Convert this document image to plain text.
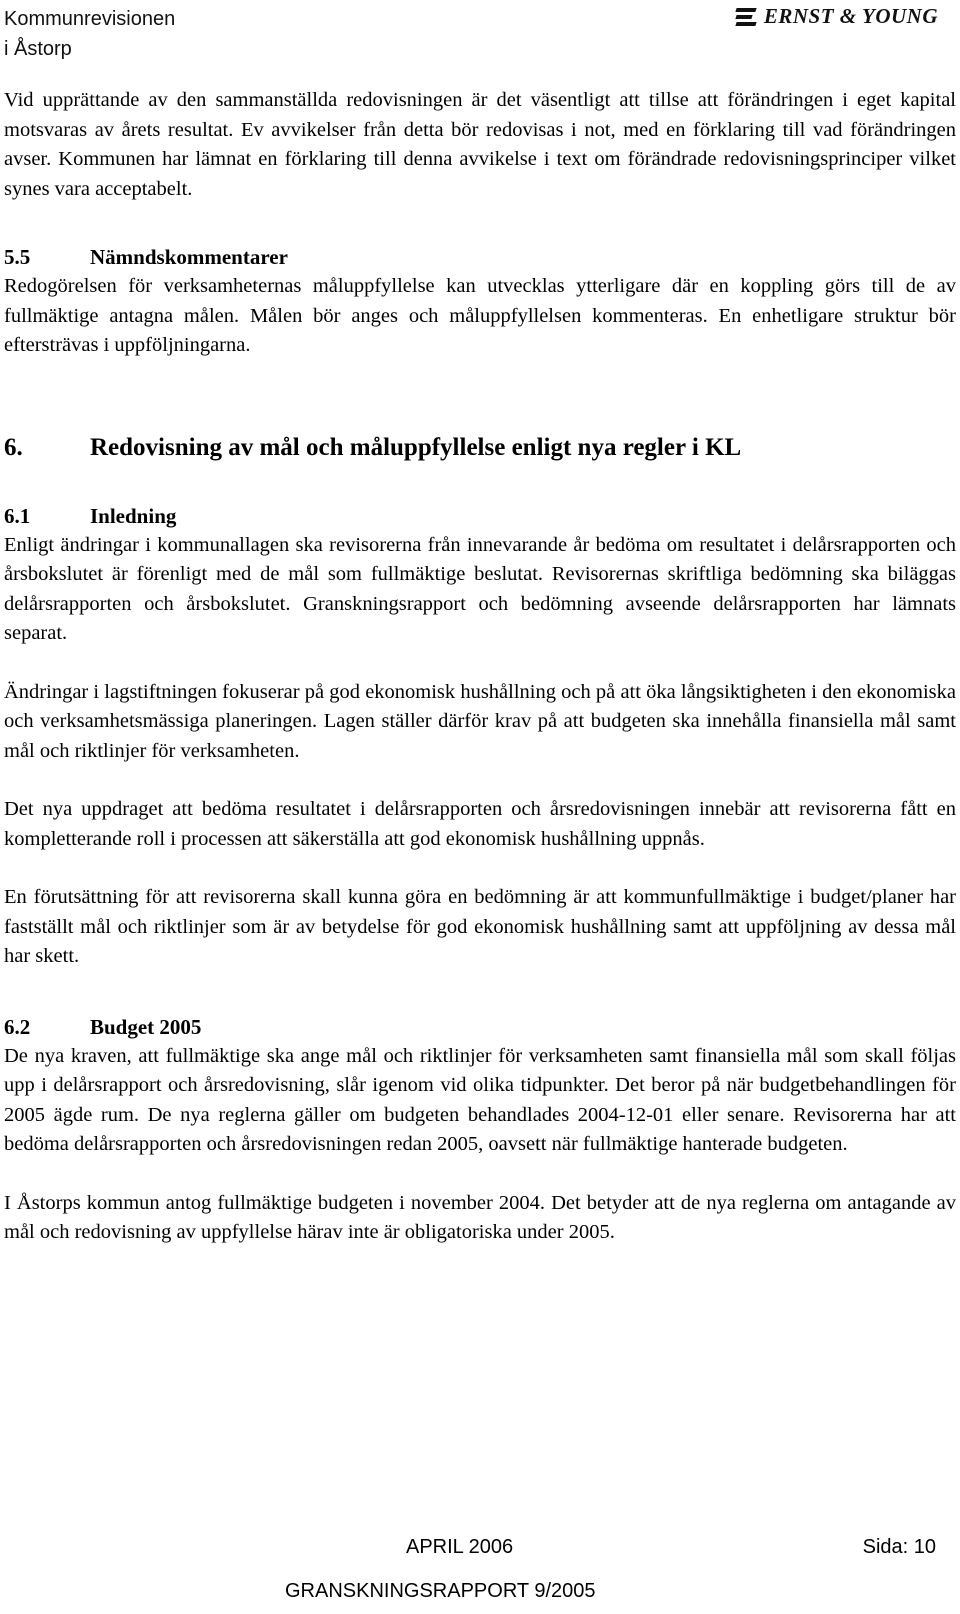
Kommunrevisionen
i Åstorp
ERNST & YOUNG

Vid upprättande av den sammanställda redovisningen är det väsentligt att tillse att förändringen i eget kapital motsvaras av årets resultat. Ev avvikelser från detta bör redovisas i not, med en förklaring till vad förändringen avser. Kommunen har lämnat en förklaring till denna avvikelse i text om förändrade redovisningsprinciper vilket synes vara acceptabelt.

5.5	Nämndskommentarer

Redogörelsen för verksamheternas måluppfyllelse kan utvecklas ytterligare där en koppling görs till de av fullmäktige antagna målen. Målen bör anges och måluppfyllelsen kommenteras. En enhetligare struktur bör eftersträvas i uppföljningarna.

6.	Redovisning av mål och måluppfyllelse enligt nya regler i KL
6.1	Inledning

Enligt ändringar i kommunallagen ska revisorerna från innevarande år bedöma om resultatet i delårsrapporten och årsbokslutet är förenligt med de mål som fullmäktige beslutat. Revisorernas skriftliga bedömning ska biläggas delårsrapporten och årsbokslutet. Granskningsrapport och bedömning avseende delårsrapporten har lämnats separat.

Ändringar i lagstiftningen fokuserar på god ekonomisk hushållning och på att öka långsiktigheten i den ekonomiska och verksamhetsmässiga planeringen. Lagen ställer därför krav på att budgeten ska innehålla finansiella mål samt mål och riktlinjer för verksamheten.

Det nya uppdraget att bedöma resultatet i delårsrapporten och årsredovisningen innebär att revisorerna fått en kompletterande roll i processen att säkerställa att god ekonomisk hushållning uppnås.

En förutsättning för att revisorerna skall kunna göra en bedömning är att kommunfullmäktige i budget/planer har fastställt mål och riktlinjer som är av betydelse för god ekonomisk hushållning samt att uppföljning av dessa mål har skett.

6.2	Budget 2005

De nya kraven, att fullmäktige ska ange mål och riktlinjer för verksamheten samt finansiella mål som skall följas upp i delårsrapport och årsredovisning, slår igenom vid olika tidpunkter. Det beror på när budgetbehandlingen för 2005 ägde rum. De nya reglerna gäller om budgeten behandlades 2004-12-01 eller senare. Revisorerna har att bedöma delårsrapporten och årsredovisningen redan 2005, oavsett när fullmäktige hanterade budgeten.

I Åstorps kommun antog fullmäktige budgeten i november 2004. Det betyder att de nya reglerna om antagande av mål och redovisning av uppfyllelse härav inte är obligatoriska under 2005.

APRIL 2006	Sida: 10
GRANSKNINGSRAPPORT 9/2005
